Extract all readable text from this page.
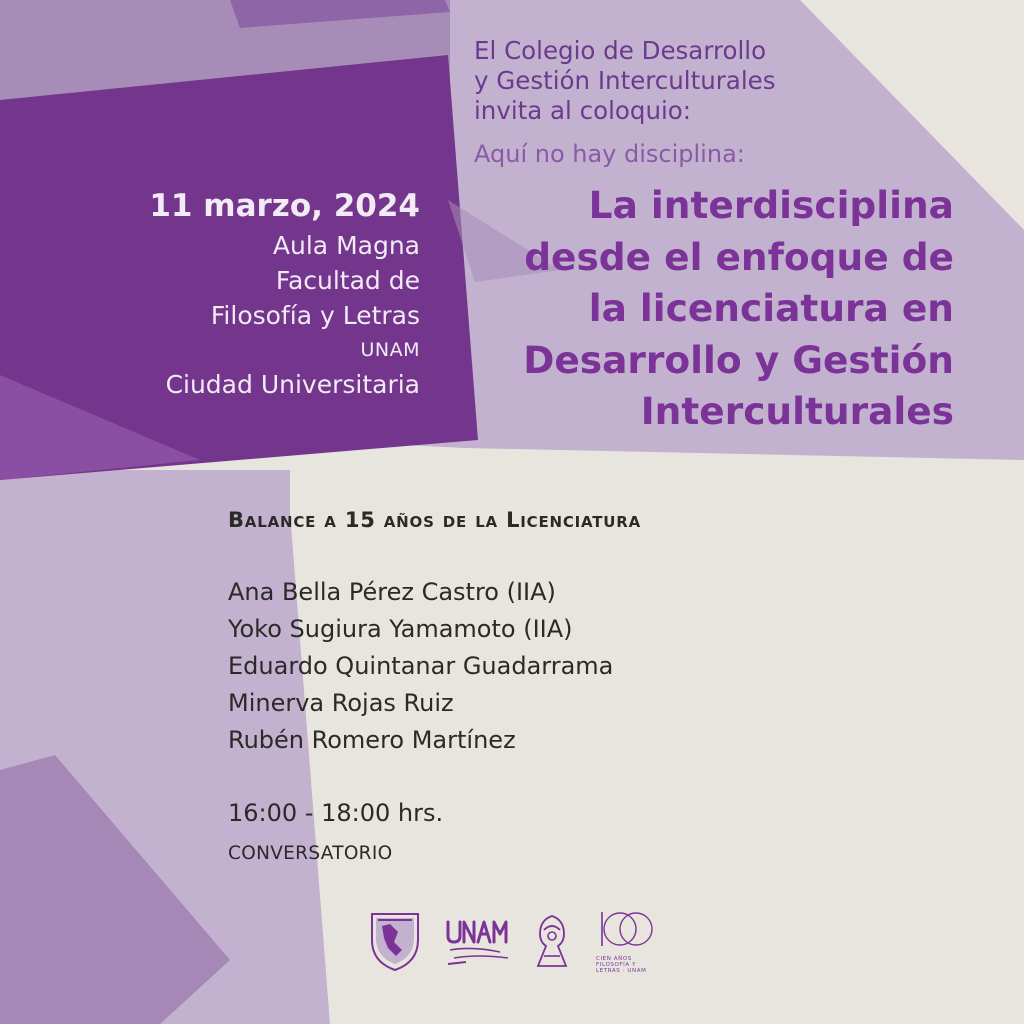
El Colegio de Desarrollo
y Gestión Interculturales
invita al coloquio:
Aquí no hay disciplina:
La interdisciplina
desde el enfoque de
la licenciatura en
Desarrollo y Gestión
Interculturales
11 marzo, 2024
Aula Magna
Facultad de
Filosofía y Letras
UNAM
Ciudad Universitaria
Balance a 15 años de la Licenciatura
Ana Bella Pérez Castro (IIA)
Yoko Sugiura Yamamoto (IIA)
Eduardo Quintanar Guadarrama
Minerva Rojas Ruiz
Rubén Romero Martínez
16:00 - 18:00 hrs.
CONVERSATORIO
CIEN AÑOS
FILOSOFÍA Y
LETRAS · UNAM
